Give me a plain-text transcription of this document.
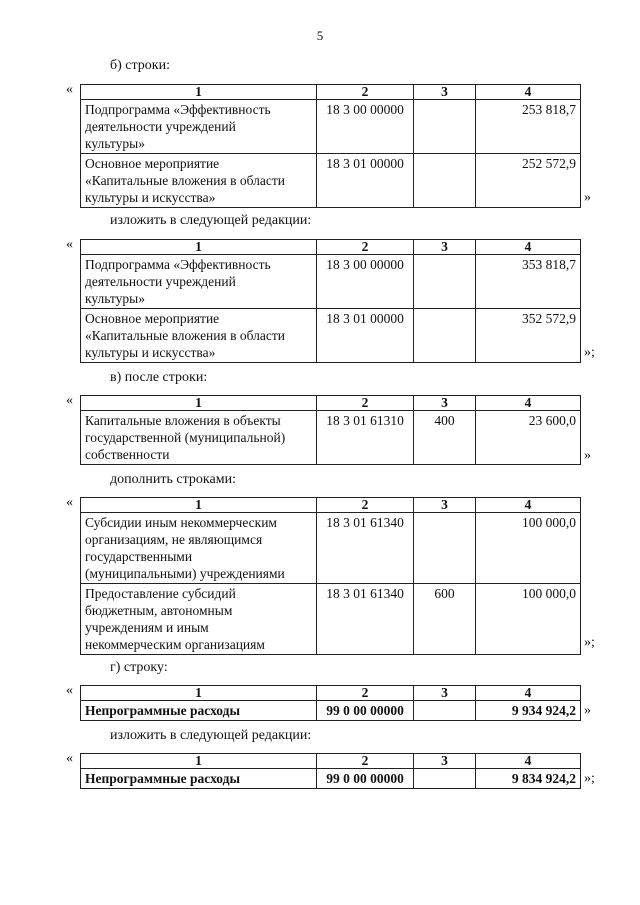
5
б) строки:
«	1	2	3	4
Подпрограмма «Эффективность
деятельности учреждений
культуры»	18 3 00 00000		253 818,7
Основное мероприятие
«Капитальные вложения в области
культуры и искусства»	18 3 01 00000		252 572,9
»
изложить в следующей редакции:
«	1	2	3	4
Подпрограмма «Эффективность
деятельности учреждений
культуры»	18 3 00 00000		353 818,7
Основное мероприятие
«Капитальные вложения в области
культуры и искусства»	18 3 01 00000		352 572,9
»;
в) после строки:
«	1	2	3	4
Капитальные вложения в объекты
государственной (муниципальной)
собственности	18 3 01 61310	400	23 600,0
»
дополнить строками:
«	1	2	3	4
Субсидии иным некоммерческим
организациям, не являющимся
государственными
(муниципальными) учреждениями	18 3 01 61340		100 000,0
Предоставление субсидий
бюджетным, автономным
учреждениям и иным
некоммерческим организациям	18 3 01 61340	600	100 000,0
»;
г) строку:
«	1	2	3	4
Непрограммные расходы	99 0 00 00000		9 934 924,2 »
изложить в следующей редакции:
«	1	2	3	4
Непрограммные расходы	99 0 00 00000		9 834 924,2 »;
